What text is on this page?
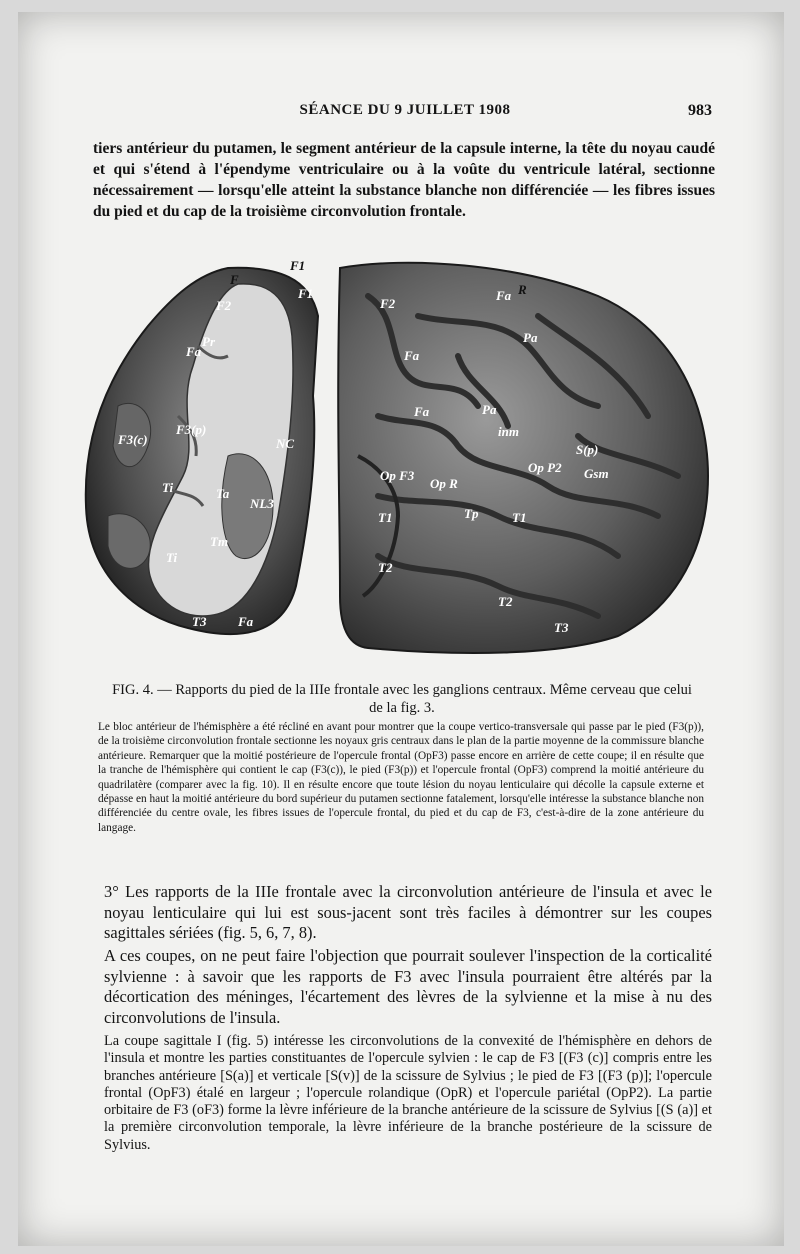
SÉANCE DU 9 JUILLET 1908	983
tiers antérieur du putamen, le segment antérieur de la capsule interne, la tête du noyau caudé et qui s'étend à l'épendyme ventriculaire ou à la voûte du ventricule latéral, sectionne nécessairement — lorsqu'elle atteint la substance blanche non différenciée — les fibres issues du pied et du cap de la troisième circonvolution frontale.
F
F1
F2
F1
Fa
Pr
F3(p)
F3(c)	NC
Ti	Ta
NL3
Ti
Tm
T3 Fa
F2
Fa R
Pa
Fa
Fa	Pa
inm
S(p)
Op P2 Gsm
Op R
Op F3
Tp	T1
T1
T2
T2
T3
FIG. 4. — Rapports du pied de la IIIe frontale avec les ganglions centraux. Même cerveau que celui de la fig. 3.
Le bloc antérieur de l'hémisphère a été récliné en avant pour montrer que la coupe vertico-transversale qui passe par le pied (F3(p)), de la troisième circonvolution frontale sectionne les noyaux gris centraux dans le plan de la partie moyenne de la commissure blanche antérieure. Remarquer que la moitié postérieure de l'opercule frontal (OpF3) passe encore en arrière de cette coupe; il en résulte que la tranche de l'hémisphère qui contient le cap (F3(c)), le pied (F3(p)) et l'opercule frontal (OpF3) comprend la moitié antérieure du quadrilatère (comparer avec la fig. 10). Il en résulte encore que toute lésion du noyau lenticulaire qui décolle la capsule externe et dépasse en haut la moitié antérieure du bord supérieur du putamen sectionne fatalement, lorsqu'elle intéresse la substance blanche non différenciée du centre ovale, les fibres issues de l'opercule frontal, du pied et du cap de F3, c'est-à-dire de la zone antérieure du langage.

3° Les rapports de la IIIe frontale avec la circonvolution antérieure de l'insula et avec le noyau lenticulaire qui lui est sous-jacent sont très faciles à démontrer sur les coupes sagittales sériées (fig. 5, 6, 7, 8).

A ces coupes, on ne peut faire l'objection que pourrait soulever l'inspection de la corticalité sylvienne : à savoir que les rapports de F3 avec l'insula pourraient être altérés par la décortication des méninges, l'écartement des lèvres de la sylvienne et la mise à nu des circonvolutions de l'insula.

La coupe sagittale I (fig. 5) intéresse les circonvolutions de la convexité de l'hémisphère en dehors de l'insula et montre les parties constituantes de l'opercule sylvien : le cap de F3 [(F3 (c)] compris entre les branches antérieure [S(a)] et verticale [S(v)] de la scissure de Sylvius ; le pied de F3 [(F3 (p)]; l'opercule frontal (OpF3) étalé en largeur ; l'opercule rolandique (OpR) et l'opercule pariétal (OpP2). La partie orbitaire de F3 (oF3) forme la lèvre inférieure de la branche antérieure de la scissure de Sylvius [(S (a)] et la première circonvolution temporale, la lèvre inférieure de la branche postérieure de la scissure de Sylvius.
